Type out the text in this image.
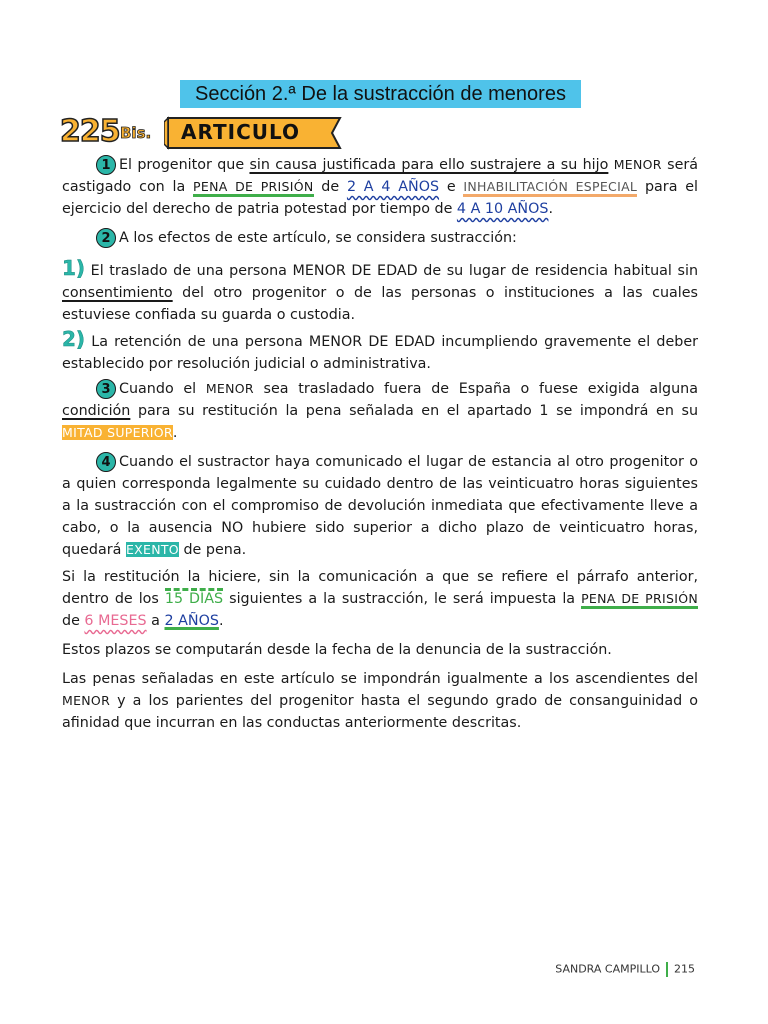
Sección 2.ª De la sustracción de menores
225 Bis. ARTICULO
1 El progenitor que sin causa justificada para ello sustrajere a su hijo MENOR será castigado con la PENA DE PRISIÓN de 2 A 4 AÑOS e INHABILITACIÓN ESPECIAL para el ejercicio del derecho de patria potestad por tiempo de 4 A 10 AÑOS.
2 A los efectos de este artículo, se considera sustracción:
1) El traslado de una persona MENOR DE EDAD de su lugar de residencia habitual sin consentimiento del otro progenitor o de las personas o instituciones a las cuales estuviese confiada su guarda o custodia.
2) La retención de una persona MENOR DE EDAD incumpliendo gravemente el deber establecido por resolución judicial o administrativa.
3 Cuando el MENOR sea trasladado fuera de España o fuese exigida alguna condición para su restitución la pena señalada en el apartado 1 se impondrá en su MITAD SUPERIOR.
4 Cuando el sustractor haya comunicado el lugar de estancia al otro progenitor o a quien corresponda legalmente su cuidado dentro de las veinticuatro horas siguientes a la sustracción con el compromiso de devolución inmediata que efectivamente lleve a cabo, o la ausencia NO hubiere sido superior a dicho plazo de veinticuatro horas, quedará EXENTO de pena.
Si la restitución la hiciere, sin la comunicación a que se refiere el párrafo anterior, dentro de los 15 DÍAS siguientes a la sustracción, le será impuesta la PENA DE PRISIÓN de 6 MESES a 2 AÑOS.
Estos plazos se computarán desde la fecha de la denuncia de la sustracción.
Las penas señaladas en este artículo se impondrán igualmente a los ascendientes del MENOR y a los parientes del progenitor hasta el segundo grado de consanguinidad o afinidad que incurran en las conductas anteriormente descritas.
SANDRA CAMPILLO 215
